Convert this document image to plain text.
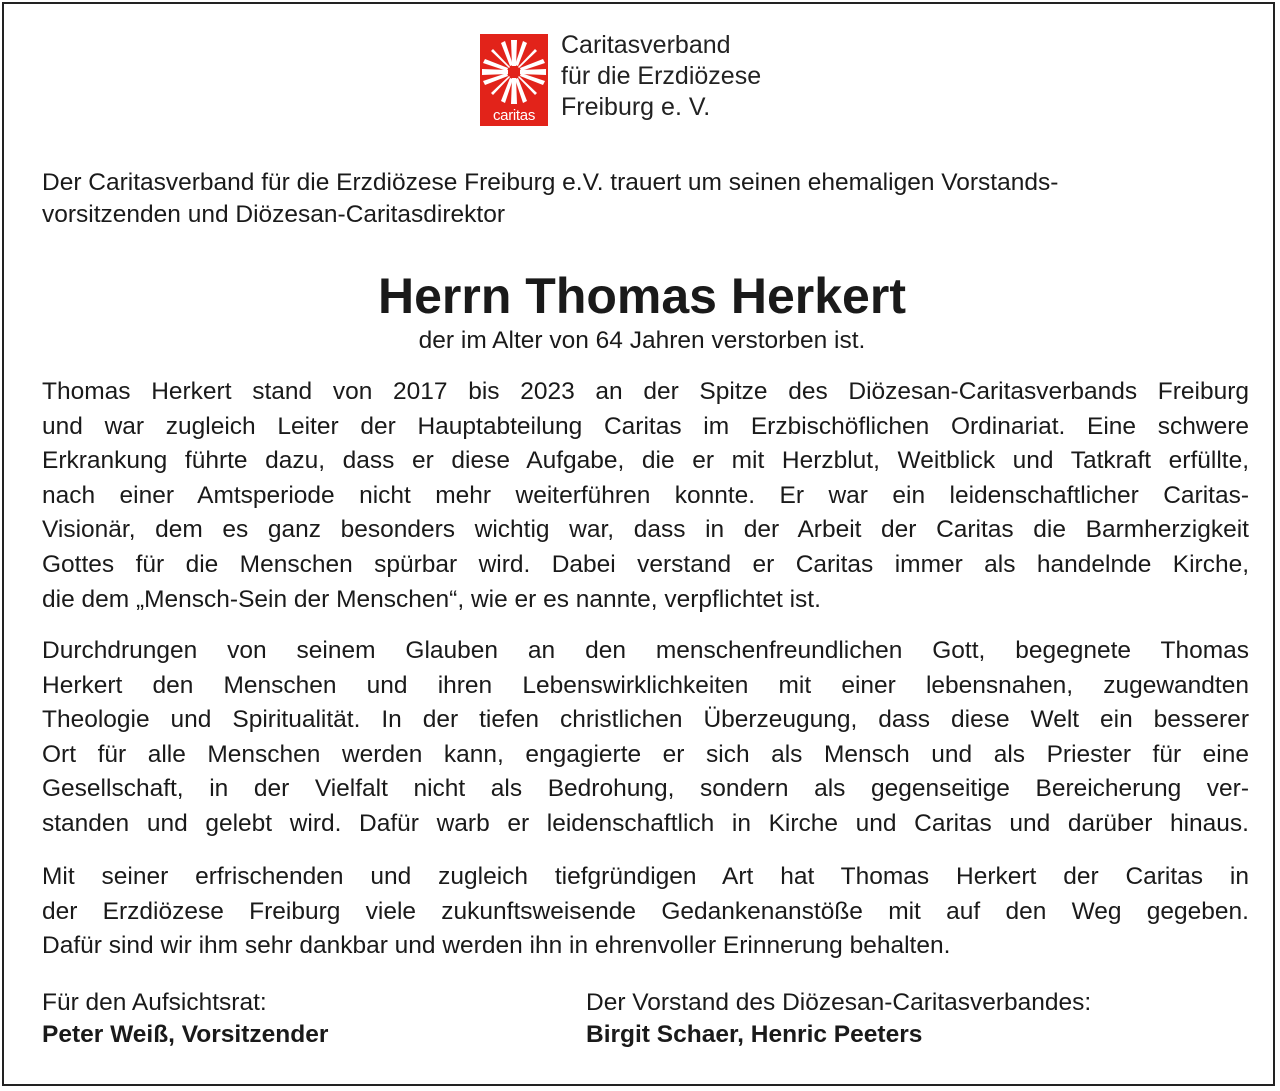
caritas
Caritasverband
für die Erzdiözese
Freiburg e. V.
Der Caritasverband für die Erzdiözese Freiburg e.V. trauert um seinen ehemaligen Vorstands-
vorsitzenden und Diözesan-Caritasdirektor
Herrn Thomas Herkert
der im Alter von 64 Jahren verstorben ist.
Thomas Herkert stand von 2017 bis 2023 an der Spitze des Diözesan-Caritasverbands Freiburg
und war zugleich Leiter der Hauptabteilung Caritas im Erzbischöflichen Ordinariat. Eine schwere
Erkrankung führte dazu, dass er diese Aufgabe, die er mit Herzblut, Weitblick und Tatkraft erfüllte,
nach einer Amtsperiode nicht mehr weiterführen konnte. Er war ein leidenschaftlicher Caritas-
Visionär, dem es ganz besonders wichtig war, dass in der Arbeit der Caritas die Barmherzigkeit
Gottes für die Menschen spürbar wird. Dabei verstand er Caritas immer als handelnde Kirche,
die dem „Mensch-Sein der Menschen“, wie er es nannte, verpflichtet ist.
Durchdrungen von seinem Glauben an den menschenfreundlichen Gott, begegnete Thomas
Herkert den Menschen und ihren Lebenswirklichkeiten mit einer lebensnahen, zugewandten
Theologie und Spiritualität. In der tiefen christlichen Überzeugung, dass diese Welt ein besserer
Ort für alle Menschen werden kann, engagierte er sich als Mensch und als Priester für eine
Gesellschaft, in der Vielfalt nicht als Bedrohung, sondern als gegenseitige Bereicherung ver-
standen und gelebt wird. Dafür warb er leidenschaftlich in Kirche und Caritas und darüber hinaus.
Mit seiner erfrischenden und zugleich tiefgründigen Art hat Thomas Herkert der Caritas in
der Erzdiözese Freiburg viele zukunftsweisende Gedankenanstöße mit auf den Weg gegeben.
Dafür sind wir ihm sehr dankbar und werden ihn in ehrenvoller Erinnerung behalten.
Für den Aufsichtsrat:
Peter Weiß, Vorsitzender
Der Vorstand des Diözesan-Caritasverbandes:
Birgit Schaer, Henric Peeters
